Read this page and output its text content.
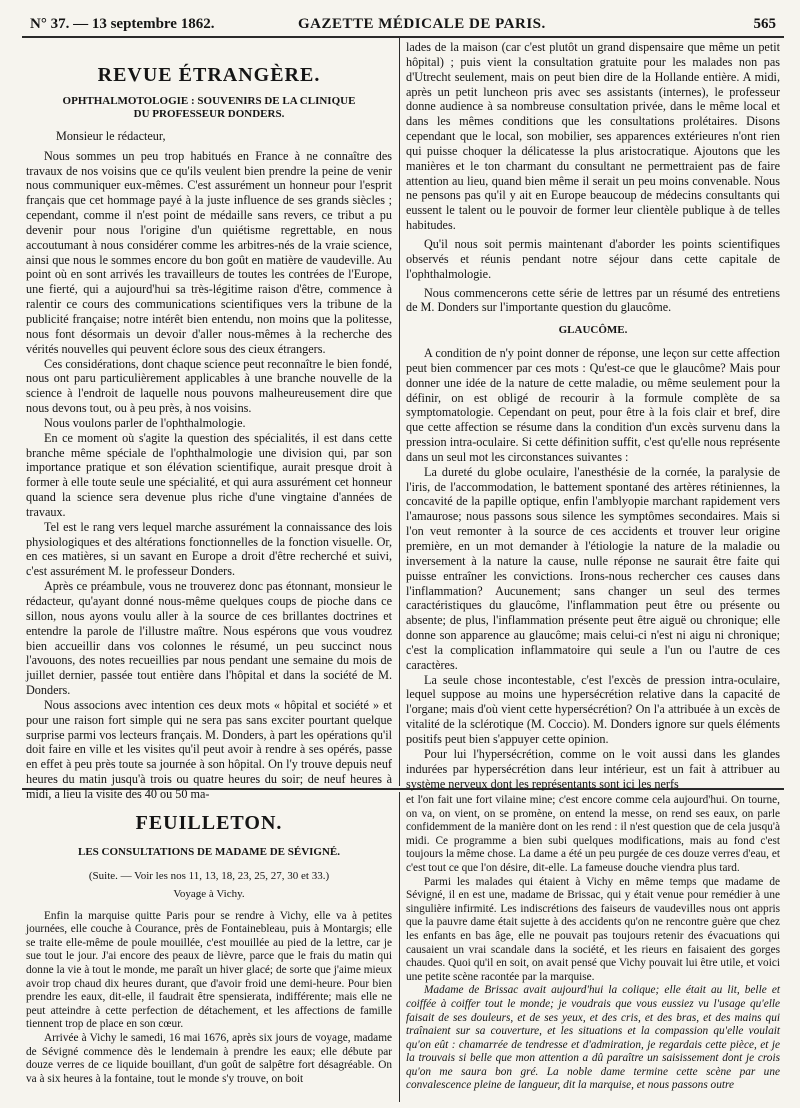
N° 37. — 13 septembre 1862.	GAZETTE MÉDICALE DE PARIS.	565
REVUE ÉTRANGÈRE.
OPHTHALMOTOLOGIE : SOUVENIRS DE LA CLINIQUE
DU PROFESSEUR DONDERS.

Monsieur le rédacteur,

Nous sommes un peu trop habitués en France à ne connaître des travaux de nos voisins que ce qu'ils veulent bien prendre la peine de venir nous communiquer eux-mêmes. C'est assurément un honneur pour l'esprit français que cet hommage payé à la juste influence de ses grands siècles ; cependant, comme il n'est point de médaille sans revers, ce tribut a pu devenir pour nous l'origine d'un quiétisme regrettable, en nous accoutumant à nous considérer comme les arbitres-nés de la vraie science, ainsi que nous le sommes encore du bon goût en matière de vaudeville. Au point où en sont arrivés les travailleurs de toutes les contrées de l'Europe, une fierté, qui a aujourd'hui sa très-légitime raison d'être, commence à ralentir ce cours des communications scientifiques vers la tribune de la publicité française; notre intérêt bien entendu, non moins que la politesse, nous font désormais un devoir d'aller nous-mêmes à la recherche des vérités nouvelles qui peuvent éclore sous des cieux étrangers.

Ces considérations, dont chaque science peut reconnaître le bien fondé, nous ont paru particulièrement applicables à une branche nouvelle de la science à l'endroit de laquelle nous pouvons malheureusement dire que nous devons tout, ou à peu près, à nos voisins.

Nous voulons parler de l'ophthalmologie.

En ce moment où s'agite la question des spécialités, il est dans cette branche même spéciale de l'ophthalmologie une division qui, par son importance pratique et son élévation scientifique, aurait presque droit à former à elle toute seule une spécialité, et qui aura assurément cet honneur quand la science sera devenue plus riche d'une vingtaine d'années de travaux.

Tel est le rang vers lequel marche assurément la connaissance des lois physiologiques et des altérations fonctionnelles de la fonction visuelle. Or, en ces matières, si un savant en Europe a droit d'être recherché et suivi, c'est assurément M. le professeur Donders.

Après ce préambule, vous ne trouverez donc pas étonnant, monsieur le rédacteur, qu'ayant donné nous-même quelques coups de pioche dans ce sillon, nous ayons voulu aller à la source de ces brillantes doctrines et entendre la parole de l'illustre maître. Nous espérons que vous voudrez bien accueillir dans vos colonnes le résumé, un peu succinct nous l'avouons, des notes recueillies par nous pendant une semaine du mois de juillet dernier, passée tout entière dans l'hôpital et dans la société de M. Donders.

Nous associons avec intention ces deux mots « hôpital et société » et pour une raison fort simple qui ne sera pas sans exciter pourtant quelque surprise parmi vos lecteurs français. M. Donders, à part les opérations qu'il doit faire en ville et les visites qu'il peut avoir à rendre à ses opérés, passe en effet à peu près toute sa journée à son hôpital. On l'y trouve depuis neuf heures du matin jusqu'à trois ou quatre heures du soir; de neuf heures à midi, a lieu la visite des 40 ou 50 ma-

lades de la maison (car c'est plutôt un grand dispensaire que même un petit hôpital) ; puis vient la consultation gratuite pour les malades non pas d'Utrecht seulement, mais on peut bien dire de la Hollande entière. A midi, après un petit luncheon pris avec ses assistants (internes), le professeur donne audience à sa nombreuse consultation privée, dans le même local et dans les mêmes conditions que les consultations prolétaires. Disons cependant que le local, son mobilier, ses apparences extérieures n'ont rien qui puisse choquer la délicatesse la plus aristocratique. Ajoutons que les manières et le ton charmant du consultant ne permettraient pas de faire attention au lieu, quand bien même il serait un peu moins convenable. Nous ne pensons pas qu'il y ait en Europe beaucoup de médecins consultants qui eussent le talent ou le pouvoir de former leur clientèle publique à de telles habitudes.

Qu'il nous soit permis maintenant d'aborder les points scientifiques observés et réunis pendant notre séjour dans cette capitale de l'ophthalmologie.

Nous commencerons cette série de lettres par un résumé des entretiens de M. Donders sur l'importante question du glaucôme.

GLAUCÔME.

A condition de n'y point donner de réponse, une leçon sur cette affection peut bien commencer par ces mots : Qu'est-ce que le glaucôme? Mais pour donner une idée de la nature de cette maladie, ou même seulement pour la définir, on est obligé de recourir à la formule complète de sa symptomatologie. Cependant on peut, pour être à la fois clair et bref, dire que cette affection se résume dans la condition d'un excès survenu dans la pression intra-oculaire. Si cette définition suffit, c'est qu'elle nous représente dans un seul mot les circonstances suivantes :

La dureté du globe oculaire, l'anesthésie de la cornée, la paralysie de l'iris, de l'accommodation, le battement spontané des artères rétiniennes, la concavité de la papille optique, enfin l'amblyopie marchant rapidement vers l'amaurose; nous passons sous silence les symptômes secondaires. Mais si l'on veut remonter à la source de ces accidents et trouver leur origine première, en un mot demander à l'étiologie la nature de la maladie ou inversement à la nature la cause, nulle réponse ne saurait être faite qui puisse entraîner les convictions. Irons-nous rechercher ces causes dans l'inflammation? Aucunement; sans changer un seul des termes caractéristiques du glaucôme, l'inflammation peut être ou présente ou absente; de plus, l'inflammation présente peut être aiguë ou chronique; elle donne son apparence au glaucôme; mais celui-ci n'est ni aigu ni chronique; c'est la complication inflammatoire qui seule a l'un ou l'autre de ces caractères.

La seule chose incontestable, c'est l'excès de pression intra-oculaire, lequel suppose au moins une hypersécrétion relative dans la capacité de l'organe; mais d'où vient cette hypersécrétion? On l'a attribuée à un excès de vitalité de la sclérotique (M. Coccio). M. Donders ignore sur quels éléments positifs peut bien s'appuyer cette opinion.

Pour lui l'hypersécrétion, comme on le voit aussi dans les glandes indurées par hypersécrétion dans leur intérieur, est un fait à attribuer au système nerveux dont les représentants sont ici les nerfs

FEUILLETON.
LES CONSULTATIONS DE MADAME DE SÉVIGNÉ.
(Suite. — Voir les nos 11, 13, 18, 23, 25, 27, 30 et 33.)
Voyage à Vichy.

Enfin la marquise quitte Paris pour se rendre à Vichy, elle va à petites journées, elle couche à Courance, près de Fontainebleau, puis à Montargis; elle se traite elle-même de poule mouillée, c'est mouillée au pied de la lettre, car je sue tout le jour. J'ai encore des peaux de lièvre, parce que le frais du matin qui donne la vie à tout le monde, me paraît un hiver glacé; de sorte que j'aime mieux avoir trop chaud dix heures durant, que d'avoir froid une demi-heure. Pour bien prendre les eaux, dit-elle, il faudrait être spensierata, indifférente; mais elle ne peut atteindre à cette perfection de détachement, et les affections de famille tiennent trop de place en son cœur.

Arrivée à Vichy le samedi, 16 mai 1676, après six jours de voyage, madame de Sévigné commence dès le lendemain à prendre les eaux; elle débute par douze verres de ce liquide bouillant, d'un goût de salpêtre fort désagréable. On va à six heures à la fontaine, tout le monde s'y trouve, on boit

et l'on fait une fort vilaine mine; c'est encore comme cela aujourd'hui. On tourne, on va, on vient, on se promène, on entend la messe, on rend ses eaux, on parle confidemment de la manière dont on les rend : il n'est question que de cela jusqu'à midi. Ce programme a bien subi quelques modifications, mais au fond c'est toujours la même chose. La dame a été un peu purgée de ces douze verres d'eau, et c'est tout ce que l'on désire, dit-elle. La fameuse douche viendra plus tard.

Parmi les malades qui étaient à Vichy en même temps que madame de Sévigné, il en est une, madame de Brissac, qui y était venue pour remédier à une singulière infirmité. Les indiscrétions des faiseurs de vaudevilles nous ont appris que la pauvre dame était sujette à des accidents qu'on ne rencontre guère que chez les enfants en bas âge, elle ne pouvait pas toujours retenir des évacuations qui causaient un vrai scandale dans la société, et les rieurs en faisaient des gorges chaudes. Quoi qu'il en soit, on avait pensé que Vichy pouvait lui être utile, et voici une petite scène racontée par la marquise.

Madame de Brissac avait aujourd'hui la colique; elle était au lit, belle et coiffée à coiffer tout le monde; je voudrais que vous eussiez vu l'usage qu'elle faisait de ses douleurs, et de ses yeux, et des cris, et des bras, et des mains qui traînaient sur sa couverture, et les situations et la compassion qu'elle voulait qu'on eût : chamarrée de tendresse et d'admiration, je regardais cette pièce, et je la trouvais si belle que mon attention a dû paraître un saisissement dont je crois qu'on me saura bon gré. La noble dame termine cette scène par une convalescence pleine de langueur, dit la marquise, et nous passons outre
